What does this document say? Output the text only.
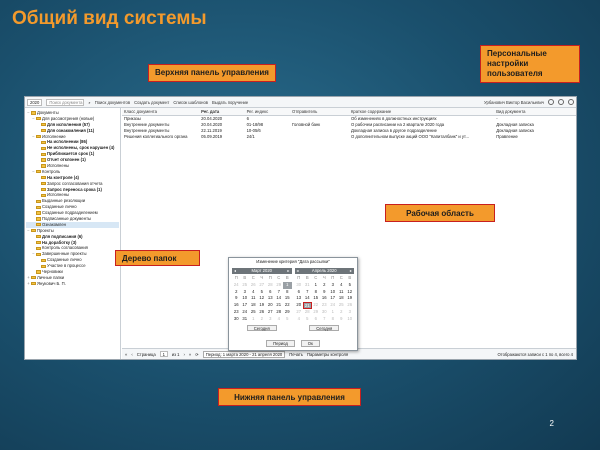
Общий вид системы
2020	Поиск документа	⌕ Поиск документов Создать документ Список шаблонов Выдать поручение	Урбанович Виктор Васильевич
− Документы
− Для рассмотрения (новые)
Для исполнения (57)
Для ознакомления (11)
− Исполнение
На исполнении (86)
Не исполнены, срок нарушен (4)
Приближается срок (1)
Отчет отклонен (1)
Исполнены
− Контроль
На контроле (4)
Запрос согласования отчета
Запрос переноса срока (1)
Исполнены
Выданные резолюции
Созданные лично
Созданные подразделением
Подписанные документы
Ознакомлен
− Проекты
Для подписания (6)
На доработку (3)
Контроль согласования
− Завершенные проекты
Созданные лично
Участие в процессе
Черновики
+ Личные папки
+ Янукович Б. П.
Класс документа	Рег. дата	Рег. индекс	Отправитель	Краткое содержание	Вид документа
Приказы	20.04.2020	6		Об изменениях в должностных инструкциях	-
Внутренние документы	20.04.2020	01-18/98	Головной банк	О рабочем расписании на 2 квартале 2020 года	Докладная записка
Внутренние документы	22.11.2019	10-05/6		Докладная записка в другое подразделение	Докладная записка
Решения коллегиального органа	05.09.2019	24/1		О дополнительном выпуске акций ООО "Капиталбанк" и ут...	Правление
« ‹ Страница	1	из 1 › » ⟳	Период: 1 марта 2020 - 21 апреля 2020	Печать Параметры контроля	Отображаются записи с 1 по 4, всего 4
Изменение критерия "Дата рассылки"
◂	Март 2020	▸
П	В	С	Ч	П	С	В
24 25 26 27 28 29	1
2	3	4	5	6	7	8
9	10 11 12 13 14 15
16 17 18 19 20 21 22
23 24 25 26 27 28 29
30 31	1	2	3	4	5
Сегодня
◂	Апрель 2020	▸
П	В	С	Ч	П	С	В
30 31	1	2	3	4	5
6	7	8	9	10 11 12
13 14 15 16 17 18 19
20 21 22 23 24 25 26
27 28 29 30	1	2	3
4	5	6	7	8	9	10
Сегодня
Период	Ок
Верхняя панель управления
Персональные
настройки
пользователя
Рабочая область
Дерево папок
Нижняя панель управления
2
